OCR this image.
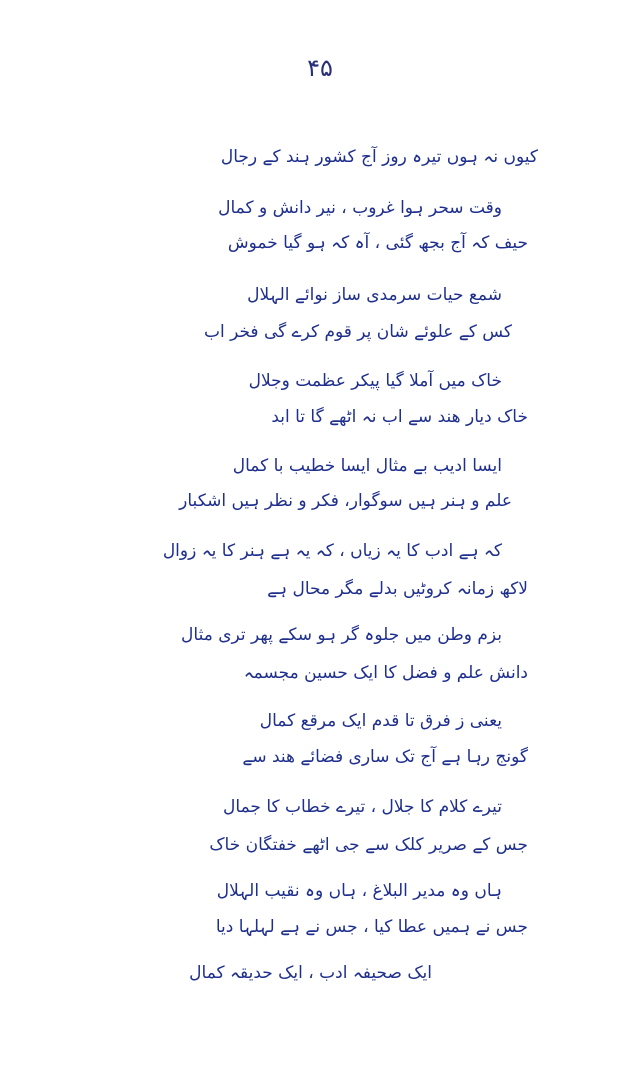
۴۵
کیوں نہ ہوں تیرہ روز آج کشور ہند کے رجال
وقت سحر ہوا غروب ، نیر دانش و کمال
حیف کہ آج بجھ گئی ، آہ کہ ہو گیا خموش
شمع حیات سرمدی ساز نوائے الہلال
کس کے علوئے شان پر قوم کرے گی فخر اب
خاک میں آملا گیا پیکر عظمت وجلال
خاک دیار ھند سے اب نہ اٹھے گا تا ابد
ایسا ادیب بے مثال ایسا خطیب با کمال
علم و ہنر ہیں سوگوار، فکر و نظر ہیں اشکبار
کہ ہے ادب کا یہ زیاں ، کہ یہ ہے ہنر کا یہ زوال
لاکھ زمانہ کروٹیں بدلے مگر محال ہے
بزم وطن میں جلوہ گر ہو سکے پھر تری مثال
دانش علم و فضل کا ایک حسین مجسمہ
یعنی ز فرق تا قدم ایک مرقع کمال
گونج رہا ہے آج تک ساری فضائے ھند سے
تیرے کلام کا جلال ، تیرے خطاب کا جمال
جس کے صریر کلک سے جی اٹھے خفتگان خاک
ہاں وہ مدیر البلاغ ، ہاں وہ نقیب الہلال
جس نے ہمیں عطا کیا ، جس نے ہے لہلہا دیا
ایک صحیفہ ادب ، ایک حدیقہ کمال
